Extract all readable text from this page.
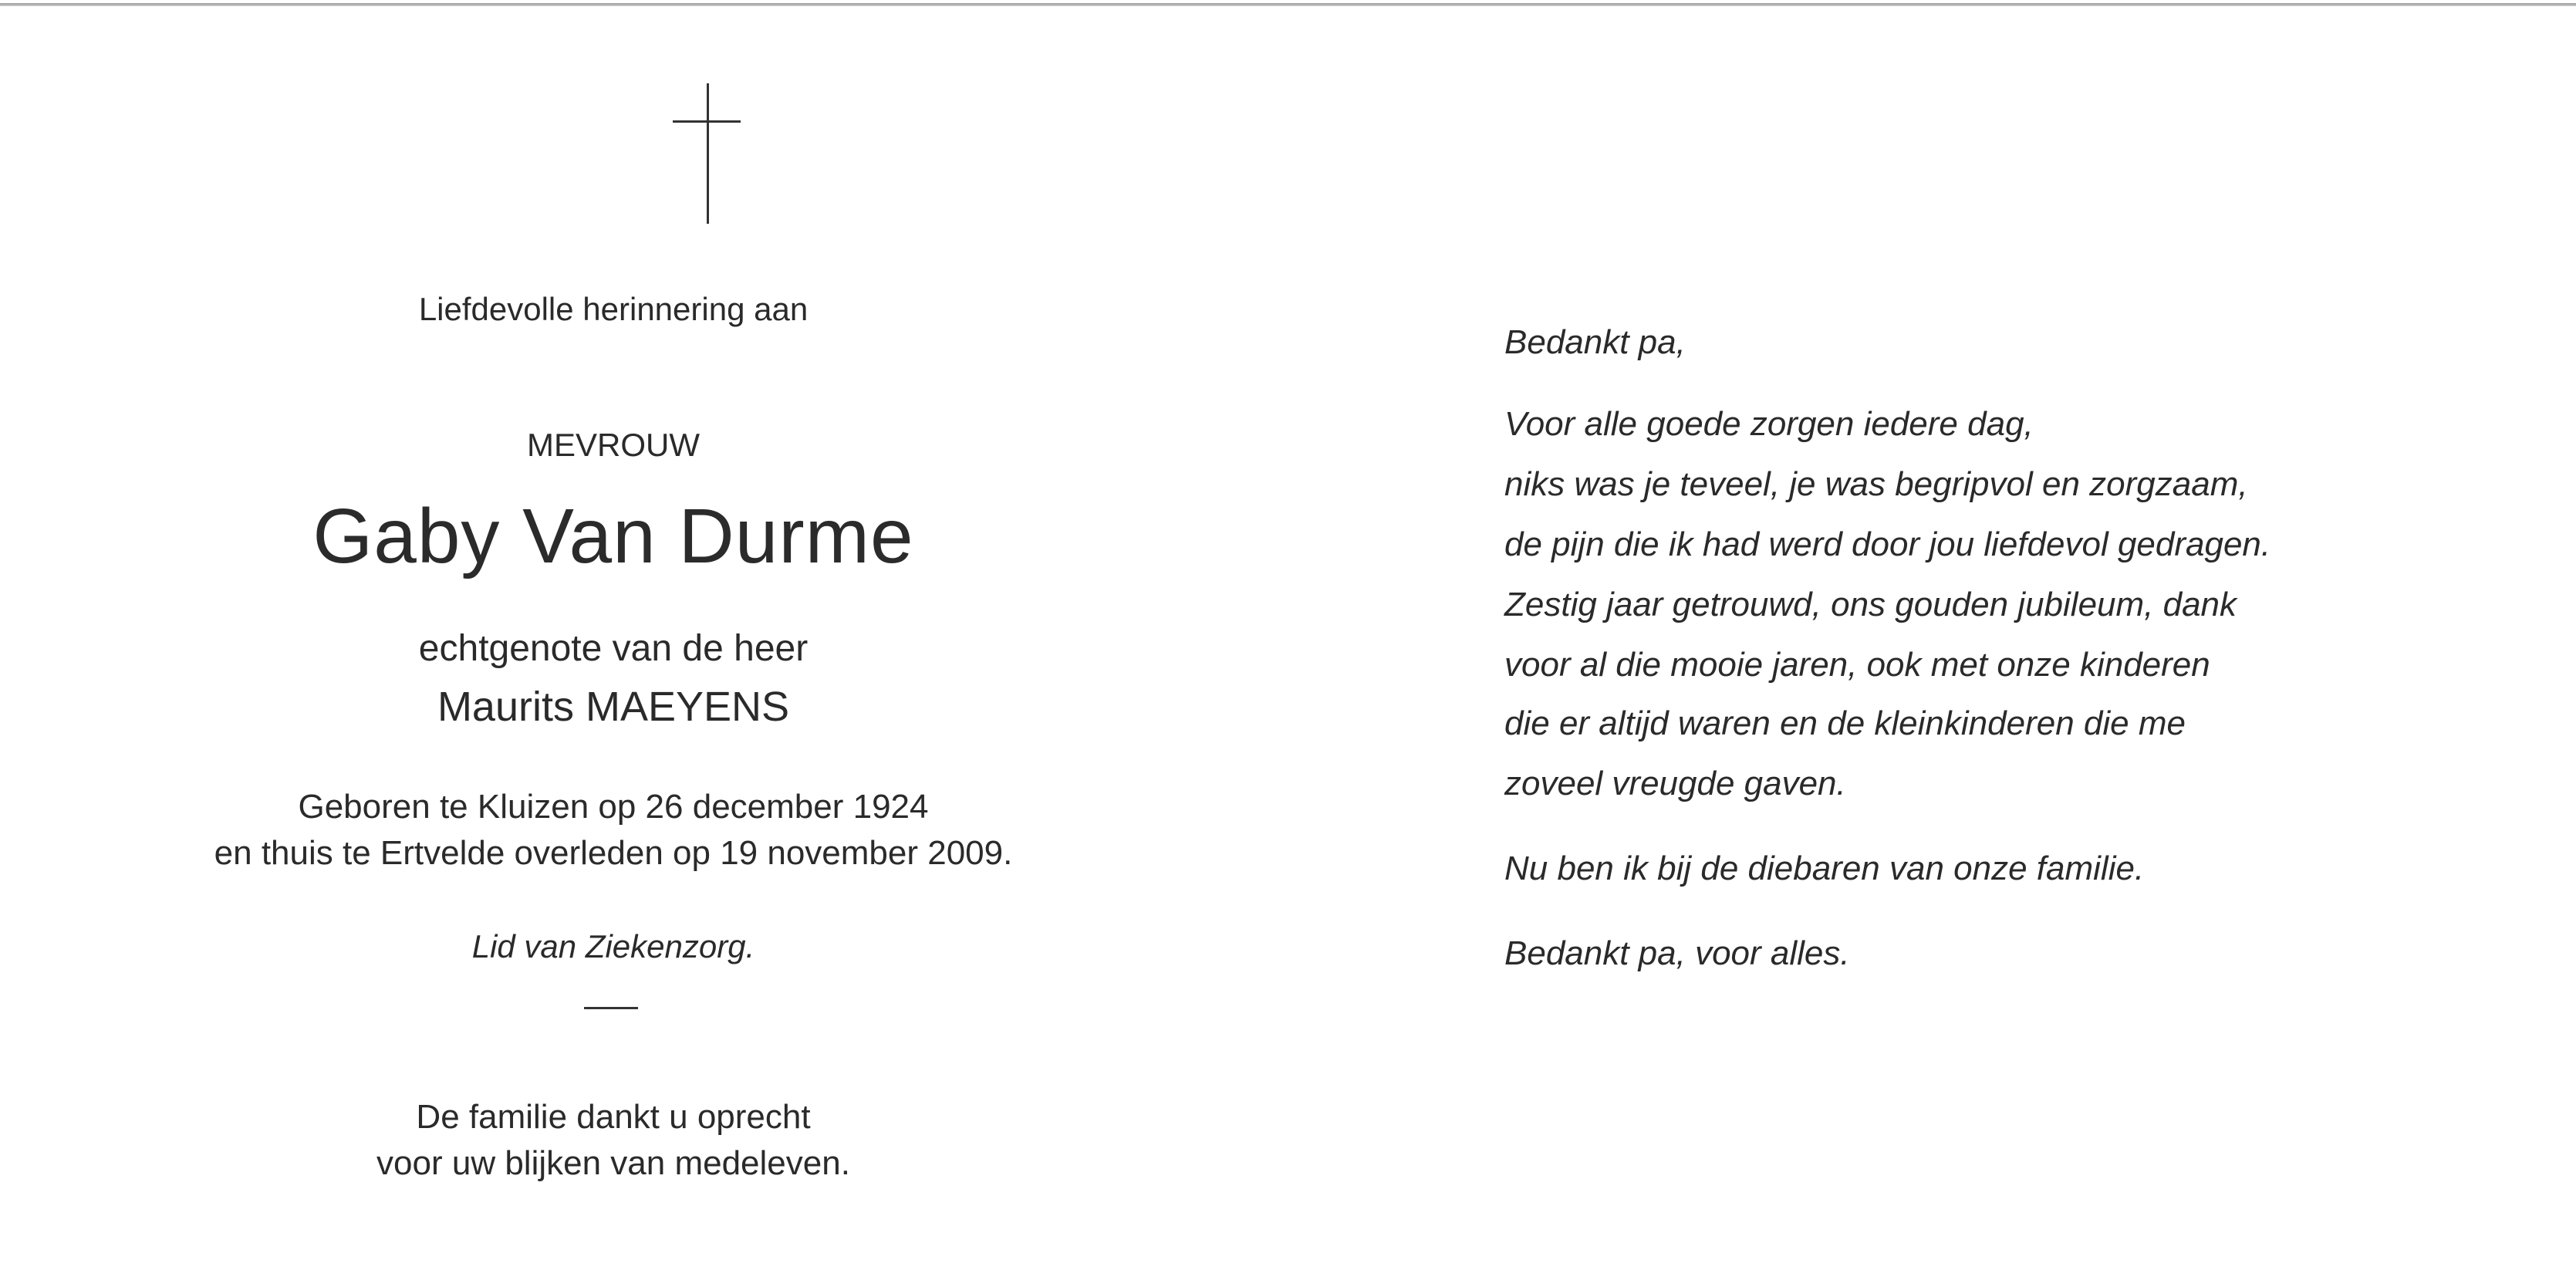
Liefdevolle herinnering aan
MEVROUW
Gaby Van Durme
echtgenote van de heer
Maurits MAEYENS
Geboren te Kluizen op 26 december 1924
en thuis te Ertvelde overleden op 19 november 2009.
Lid van Ziekenzorg.
De familie dankt u oprecht
voor uw blijken van medeleven.
Bedankt pa,
Voor alle goede zorgen iedere dag,
niks was je teveel, je was begripvol en zorgzaam,
de pijn die ik had werd door jou liefdevol gedragen.
Zestig jaar getrouwd, ons gouden jubileum, dank
voor al die mooie jaren, ook met onze kinderen
die er altijd waren en de kleinkinderen die me
zoveel vreugde gaven.
Nu ben ik bij de diebaren van onze familie.
Bedankt pa, voor alles.
